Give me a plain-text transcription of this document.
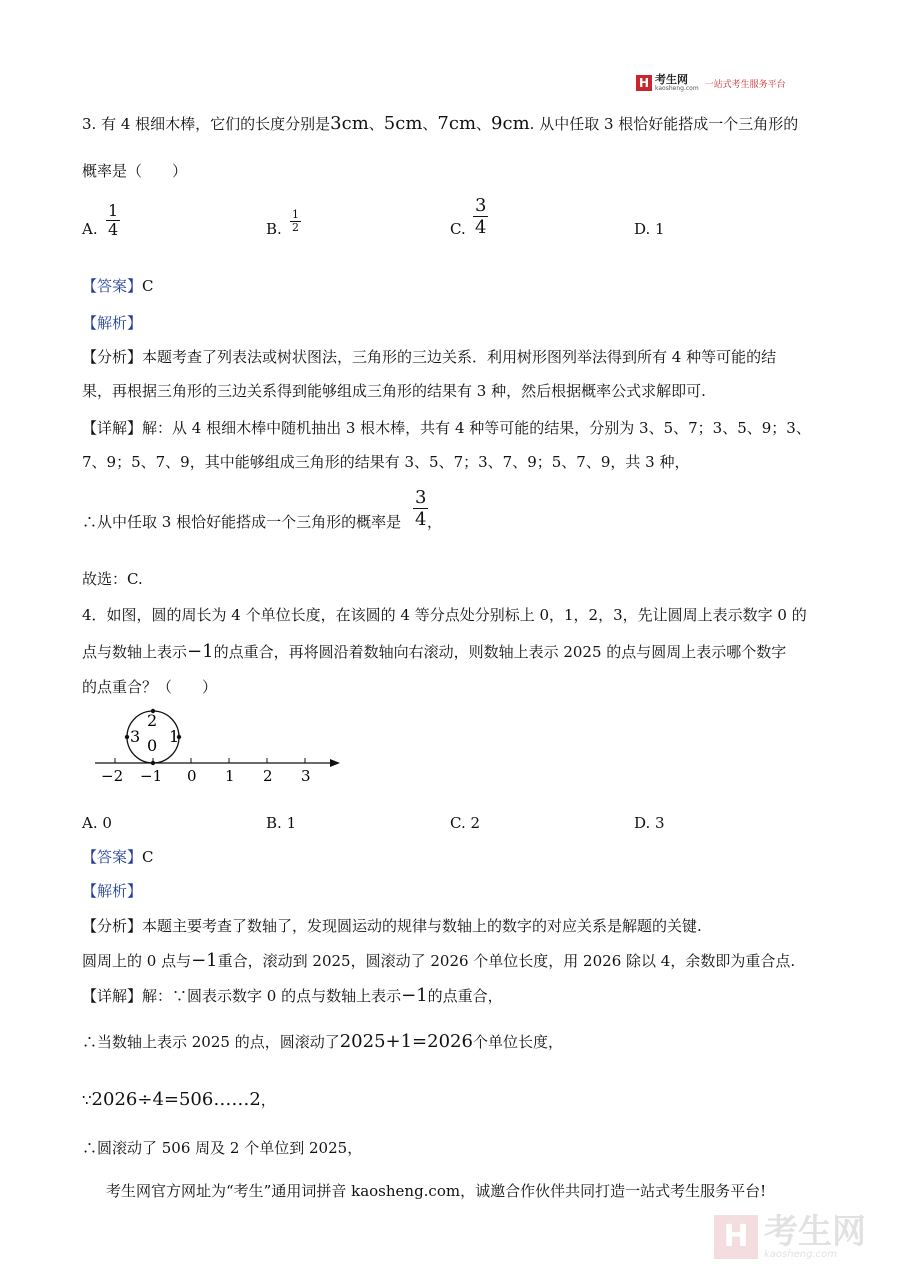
H 考生网
kaosheng.com 一站式考生服务平台
3. 有 4 根细木棒，它们的长度分别是3cm、5cm、7cm、9cm. 从中任取 3 根恰好能搭成一个三角形的
概率是（　　）
A.
1
4	B.
1
2	C.
3
4	D. 1
【答案】C
【解析】
【分析】本题考查了列表法或树状图法，三角形的三边关系．利用树形图列举法得到所有 4 种等可能的结
果，再根据三角形的三边关系得到能够组成三角形的结果有 3 种，然后根据概率公式求解即可.
【详解】解：从 4 根细木棒中随机抽出 3 根木棒，共有 4 种等可能的结果，分别为 3、5、7；3、5、9；3、
7、9；5、7、9，其中能够组成三角形的结果有 3、5、7；3、7、9；5、7、9，共 3 种，
∴从中任取 3 根恰好能搭成一个三角形的概率是
3
4 ，
故选：C.
4．如图，圆的周长为 4 个单位长度，在该圆的 4 等分点处分别标上 0，1，2，3，先让圆周上表示数字 0 的
点与数轴上表示−1的点重合，再将圆沿着数轴向右滚动，则数轴上表示 2025 的点与圆周上表示哪个数字
的点重合？（　　）
2
3 0 1
−2 −1 0 1 2 3
A. 0	B. 1	C. 2	D. 3
【答案】C
【解析】
【分析】本题主要考查了数轴了，发现圆运动的规律与数轴上的数字的对应关系是解题的关键.
圆周上的 0 点与−1重合，滚动到 2025，圆滚动了 2026 个单位长度，用 2026 除以 4，余数即为重合点.
【详解】解：∵圆表示数字 0 的点与数轴上表示−1的点重合，
∴当数轴上表示 2025 的点，圆滚动了2025+1=2026个单位长度，
∵2026÷4=506……2，
∴圆滚动了 506 周及 2 个单位到 2025，
考生网官方网址为“考生”通用词拼音 kaosheng.com，诚邀合作伙伴共同打造一站式考生服务平台!
H 考生网
kaosheng.com
